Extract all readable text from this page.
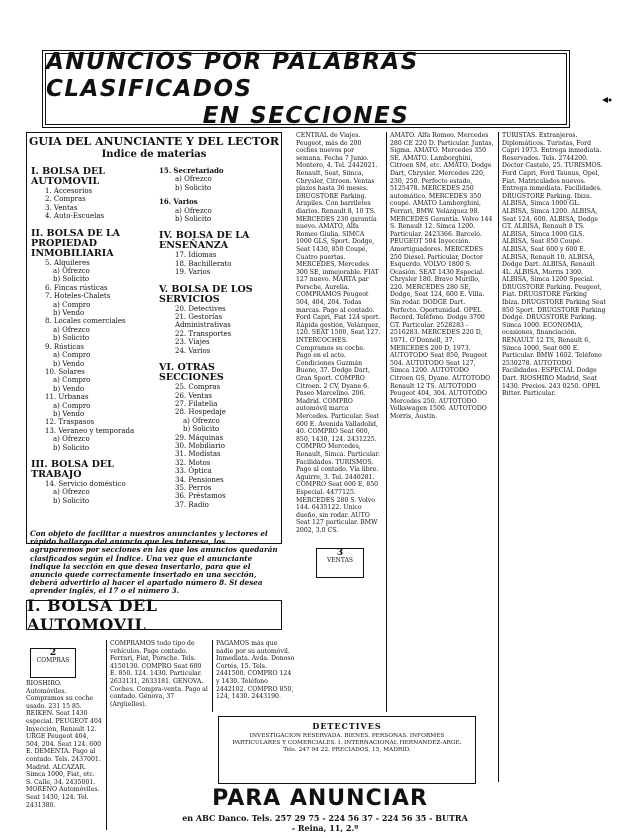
ANUNCIOS POR PALABRAS CLASIFICADOS
EN SECCIONES
GUIA DEL ANUNCIANTE Y DEL LECTOR
Indice de materias
I. BOLSA DEL AUTOMOVIL
1. Accesorios
2. Compras
3. Ventas
4. Auto-Escuelas
II. BOLSA DE LA PROPIEDAD INMOBILIARIA
5. Alquileres
a) Ofrezco
b) Solicito
6. Fincas rústicas
7. Hoteles-Chalets
a) Compro
b) Vendo
8. Locales comerciales
a) Ofrezco
b) Solicito
9. Rústicas
a) Compro
b) Vendo
10. Solares
a) Compro
b) Vendo
11. Urbanas
a) Compro
b) Vendo
12. Traspasos
13. Veraneo y temporada
a) Ofrezco
b) Solicito
III. BOLSA DEL TRABAJO
14. Servicio doméstico
a) Ofrezco
b) Solicito
15. Secretariado
a) Ofrezco
b) Solicito
16. Varios
a) Ofrezco
b) Solicito
IV. BOLSA DE LA ENSEÑANZA
17. Idiomas
18. Bachillerato
19. Varios
V. BOLSA DE LOS SERVICIOS
20. Detectives
21. Gestorías Administrativas
22. Transportes
23. Viajes
24. Varios
VI. OTRAS SECCIONES
25. Compras
26. Ventas
27. Filatelia
28. Hospedaje
a) Ofrezco
b) Solicito
29. Máquinas
30. Mobiliario
31. Modistas
32. Motos
33. Óptica
34. Pensiones
35. Perros
36. Préstamos
37. Radio
Con objeto de facilitar a nuestros anunciantes y lectores el rápido hallazgo del anuncio que les interesa, los agruparemos por secciones en las que los anuncios quedarán clasificados según el Índice. Una vez que el anunciante indique la sección en que desea insertarlo, para que el anuncio quede correctamente insertado en una sección, deberá advertirlo al hacer el apartado número 8. Si desea aprender inglés, el 17 o el número 3.
I. BOLSA DEL AUTOMOVIL
2
COMPRAS
CENTRAL de Viajes. Peugeot, más de 200 coches nuevos por semana. Fecha 7 Junio. Montero, 4. Tel. 2442021. Renault, Seat, Simca, Chrysler, Citroen. Ventas plazos hasta 36 meses. DRUGSTORE Parking. Arapiles. Con barriletes diarios. Renault 8, 10 TS. MERCEDES 230 garantía nuevo. AMATO, Alfa Romeo Giulia. SIMCA 1000 GLS, Sport. Dodge, Seat 1430, 850 Coupé, Cuatro puertas. MERCEDES, Mercedes 300 SE, inmejorable. FIAT 127 nuevo. MARTA par Porsche, Aurelia. COMPRAMOS Peugeot 504, 404, 204. Todas marcas. Pago al contado. Ford Capri, Fiat 124 sport. Rápida gestión, Velázquez, 120. SEAT 1500, Seat 127. INTERCOCHES. Compramos su coche. Pago en el acto. Condiciones Guzmán Bueno, 37. Dodge Dart, Gran Sport. COMPRO Citroen. 2 CV, Dyane 6. Paseo Marcelino. 206. Madrid. COMPRO automóvil marca Mercedes. Particular. Seat 600 E. Avenida Valladolid, 40. COMPRO Seat 600, 850, 1430, 124. 2431225. COMPRO Mercedes, Renault, Simca. Particular. Facilidades. TURISMOS. Pago al contado. Vía libre. Aguirre, 3. Tel. 2440281. COMPRO Seat 600 E, 850 Especial. 4477125. MERCEDES 280 S. Volvo 144. 6435122. Unico dueño, sin rodar. AUTO Seat 127 particular. BMW 2002, 3.0 CS.
AMATO. Alfa Romeo. Mercedes 280 CE 220 D. Particular. Juntas, Sigma. AMATO. Mercedes 350 SE. AMATO. Lamborghini, Citroen SM, etc. AMATO. Dodge Dart, Chrysler. Mercedes 220, 230, 250. Perfecto estado, 5125478. MERCEDES 250 automático. MERCEDES 350 coupé. AMATO Lamborghini, Ferrari, BMW. Velázquez 98. MERCEDES Garantía. Volvo 144 S. Renault 12. Simca 1200. Particular. 2423366. Barceló. PEUGEOT 504 Inyección. Amortiguadores. MERCEDES 250 Diesel. Particular, Doctor Esquerdo. VOLVO 1800 S. Ocasión. SEAT 1430 Especial. Chrysler 180. Bravo Murillo, 220. MERCEDES 280 SE, Dodge, Seat 124, 600 E. Villa. Sin rodar. DODGE Dart. Perfecto. Oportunidad. OPEL Record. Teléfono. Dodge 3700 GT. Particular. 2528283 - 2516283. MERCEDES 220 D, 1971. O'Donnell, 37. MERCEDES 200 D, 1973. AUTOTODO Seat 850, Peugeot 504. AUTOTODO Seat 127, Simca 1200. AUTOTODO Citroen GS, Dyane. AUTOTODO Renault 12 TS. AUTOTODO Peugeot 404, 304. AUTOTODO Mercedes 250. AUTOTODO Volkswagen 1500. AUTOTODO Morris, Austin.
TURISTAS. Extranjeros. Diplomáticos. Turistas, Ford Capri 1973. Entrega inmediata. Reservados. Tels. 2744200. Doctor Castelo, 25. TURISMOS. Ford Capri, Ford Taunus, Opel, Fiat. Matriculados nuevos. Entrega inmediata. Facilidades. DRUGSTORE Parking. Ibiza. ALBISA, Simca 1000 GL. ALBISA, Simca 1200. ALBISA, Seat 124, 600. ALBISA, Dodge GT. ALBISA, Renault 8 TS. ALBISA, Simca 1000 GLS. ALBISA, Seat 850 Coupé. ALBISA, Seat 600 y 600 E. ALBISA, Renault 10. ALBISA, Dodge Dart. ALBISA, Renault 4L. ALBISA, Morris 1300. ALBISA, Simca 1200 Special. DRUGSTORE Parking. Peugeot, Fiat. DRUGSTORE Parking Ibiza. DRUGSTORE Parking Seat 850 Sport. DRUGSTORE Parking Dodge. DRUGSTORE Parking. Simca 1000. ECONOMIA, ocasiones, financiación. RENAULT 12 TS, Renault 6, Simca 1000, Seat 600 E. Particular. BMW 1602. Teléfono 2530278. AUTOTODO Facilidades. ESPECIAL Dodge Dart. RIOSHIRO Madrid, Seat 1430. Precios. 243 0250. OPEL Bitter. Particular.
3
VENTAS
RIOSHIRO. Automóviles. Compramos su coche usado. 231 15 85. REIKEN. Seat 1430 especial. PEUGEOT 404 Inyección, Renault 12. URGE Peugeot 404, 504, 204. Seat 124. 600 E. DEMENTA. Pago al contado. Tels. 2437001. Madrid. ALCAZAR. Simca 1000, Fiat, etc. S. Calle, 34. 2435001. MORENO Automóviles. Seat 1430, 124. Tel. 2431380.
COMPRAMOS todo tipo de vehículos. Pago contado. Ferrari, Fiat, Porsche. Tels. 4150130. COMPRO Seat 600 E. 850. 124. 1430. Particular. 2633131, 2633181. GENOVA. Coches. Compra-venta. Pago al contado. Génova, 37 (Argüelles).
PAGAMOS más que nadie por su automóvil. Inmediata. Avda. Donoso Cortés, 15. Tels. 2441500. COMPRO 124 y 1430. Teléfono 2442102. COMPRO 850, 124, 1430. 2443190.
DETECTIVES
INVESTIGACION RESERVADA. BIENES. PERSONAS. INFORMES PARTICULARES Y COMERCIALES. I. INTERNACIONAL HERNANDEZ-ARGE. Tels. 247 94 22. PRECIADOS, 15, MADRID.
PARA ANUNCIAR
en ABC Danco. Tels. 257 29 75 - 224 56 37 - 224 56 35 - BUTRA - Reina, 11, 2.º
